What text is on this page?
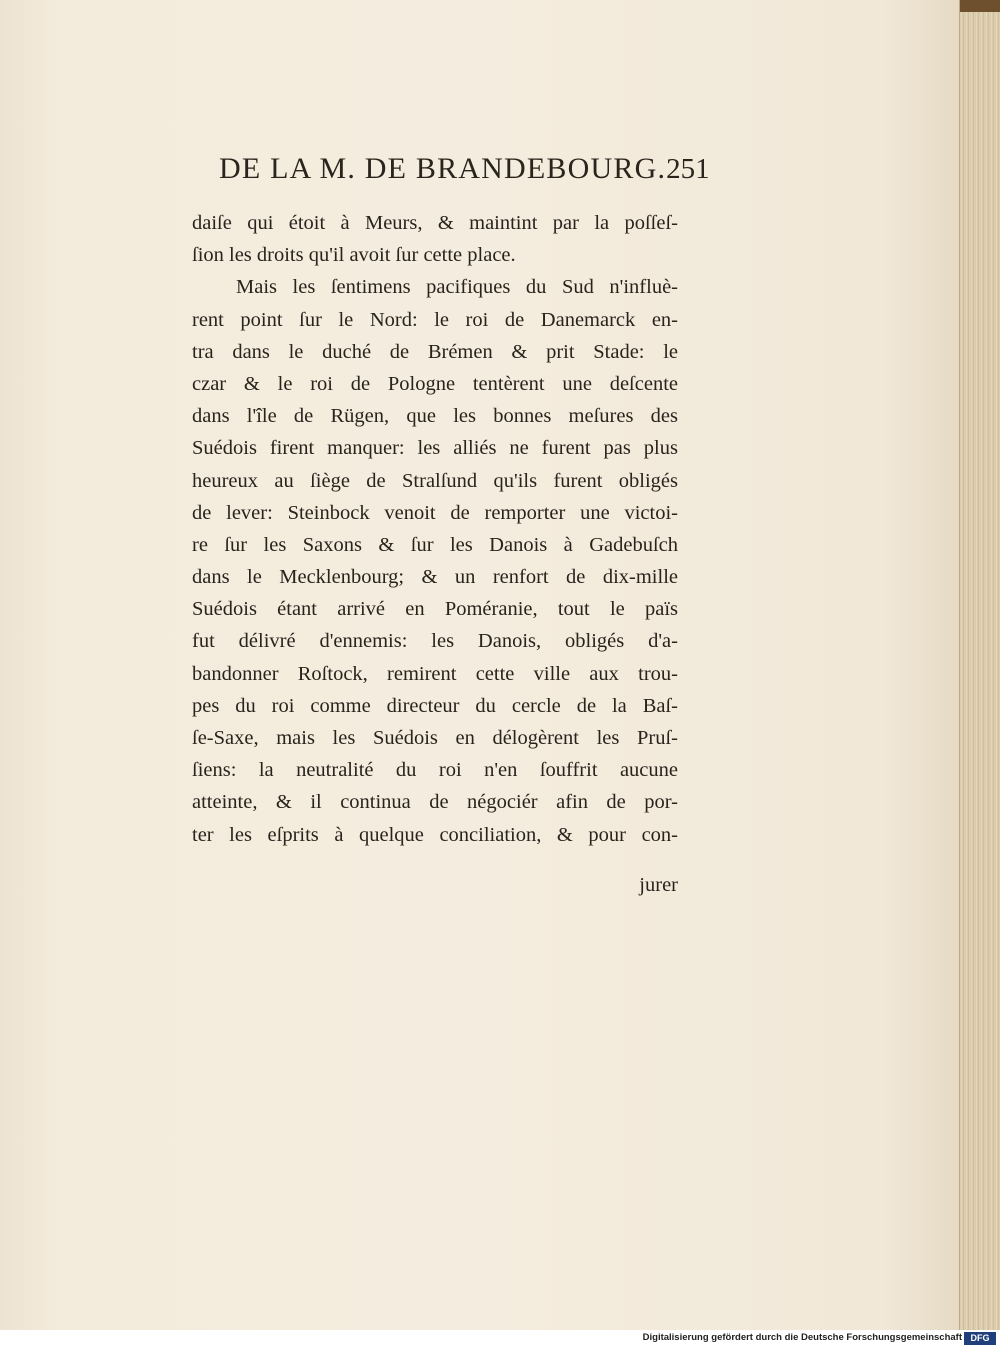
DE LA M. DE BRANDEBOURG. 251
daiſe qui étoit à Meurs, & maintint par la poſſeſ-
ſion les droits qu'il avoit ſur cette place.
Mais les ſentimens pacifiques du Sud n'influè-
rent point ſur le Nord: le roi de Danemarck en-
tra dans le duché de Brémen & prit Stade: le
czar & le roi de Pologne tentèrent une deſcente
dans l'île de Rügen, que les bonnes meſures des
Suédois firent manquer: les alliés ne furent pas plus
heureux au ſiège de Stralſund qu'ils furent obligés
de lever: Steinbock venoit de remporter une victoi-
re ſur les Saxons & ſur les Danois à Gadebuſch
dans le Mecklenbourg; & un renfort de dix-mille
Suédois étant arrivé en Poméranie, tout le païs
fut délivré d'ennemis: les Danois, obligés d'a-
bandonner Roſtock, remirent cette ville aux trou-
pes du roi comme directeur du cercle de la Baſ-
ſe-Saxe, mais les Suédois en délogèrent les Pruſ-
ſiens: la neutralité du roi n'en ſouffrit aucune
atteinte, & il continua de négociér afin de por-
ter les eſprits à quelque conciliation, & pour con-
jurer
Digitalisierung gefördert durch die Deutsche Forschungsgemeinschaft DFG
